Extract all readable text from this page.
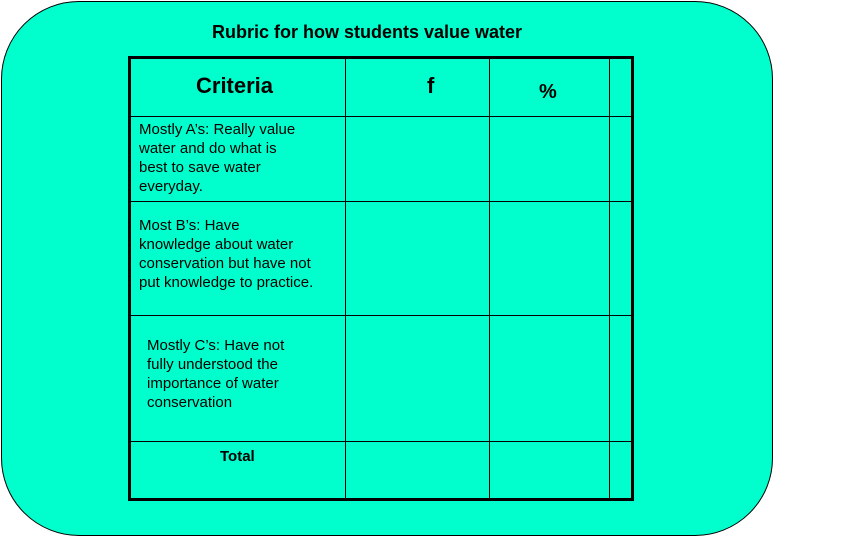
Rubric for how students value water
Criteria	f	%
Mostly A’s: Really value water and do what is best to save water everyday.
Most B’s: Have knowledge about water conservation but have not put knowledge to practice.
Mostly C’s: Have not fully understood the importance of water conservation
Total
